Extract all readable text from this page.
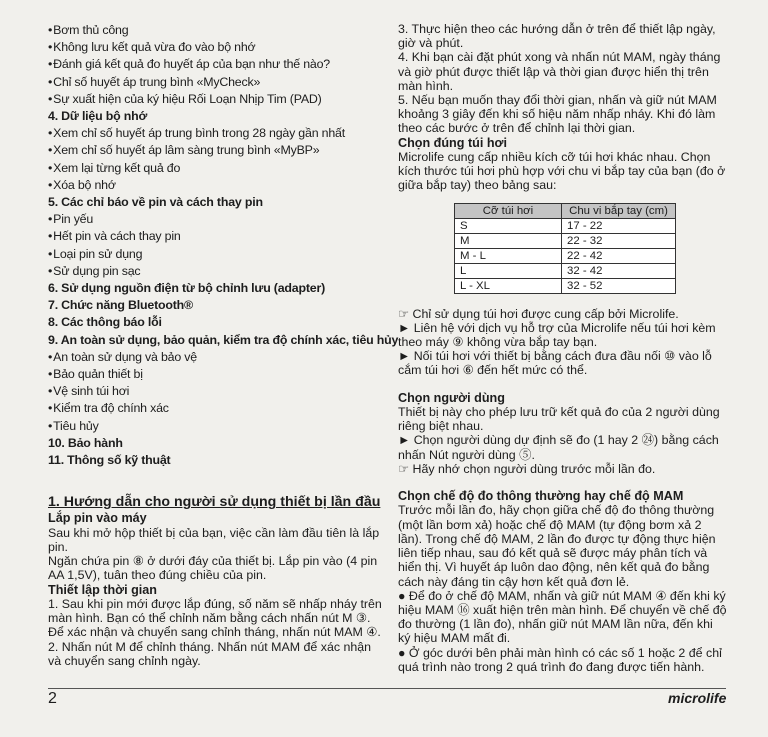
•Bơm thủ công
•Không lưu kết quả vừa đo vào bộ nhớ
•Đánh giá kết quả đo huyết áp của bạn như thế nào?
•Chỉ số huyết áp trung bình «MyCheck»
•Sự xuất hiện của ký hiệu Rối Loạn Nhịp Tim (PAD)
4. Dữ liệu bộ nhớ
•Xem chỉ số huyết áp trung bình trong 28 ngày gần nhất
•Xem chỉ số huyết áp lâm sàng trung bình «MyBP»
•Xem lại từng kết quả đo
•Xóa bộ nhớ
5. Các chỉ báo về pin và cách thay pin
•Pin yếu
•Hết pin và cách thay pin
•Loại pin sử dụng
•Sử dụng pin sạc
6. Sử dụng nguồn điện từ bộ chỉnh lưu (adapter)
7. Chức năng Bluetooth®
8. Các thông báo lỗi
9. An toàn sử dụng, bảo quản, kiểm tra độ chính xác, tiêu hủy
•An toàn sử dụng và bảo vệ
•Bảo quản thiết bị
•Vệ sinh túi hơi
•Kiểm tra độ chính xác
•Tiêu hủy
10. Bảo hành
11. Thông số kỹ thuật

1. Hướng dẫn cho người sử dụng thiết bị lần đầu

Lắp pin vào máy

Sau khi mở hộp thiết bị của bạn, việc cần làm đầu tiên là lắp pin.

Ngăn chứa pin ⑧ ở dưới đáy của thiết bị. Lắp pin vào (4 pin AA 1,5V), tuân theo đúng chiều của pin.

Thiết lập thời gian

1. Sau khi pin mới được lắp đúng, số năm sẽ nhấp nháy trên màn hình. Bạn có thể chỉnh năm bằng cách nhấn nút M ③. Để xác nhận và chuyển sang chỉnh tháng, nhấn nút MAM ④.

2. Nhấn nút M để chỉnh tháng. Nhấn nút MAM để xác nhận và chuyển sang chỉnh ngày.

3. Thực hiện theo các hướng dẫn ở trên để thiết lập ngày, giờ và phút.

4. Khi bạn cài đặt phút xong và nhấn nút MAM, ngày tháng và giờ phút được thiết lập và thời gian được hiển thị trên màn hình.

5. Nếu bạn muốn thay đổi thời gian, nhấn và giữ nút MAM khoảng 3 giây đến khi số hiệu năm nhấp nháy. Khi đó làm theo các bước ở trên để chỉnh lại thời gian.

Chọn đúng túi hơi

Microlife cung cấp nhiều kích cỡ túi hơi khác nhau. Chọn kích thước túi hơi phù hợp với chu vi bắp tay của bạn (đo ở giữa bắp tay) theo bảng sau:

Cỡ túi hơi	Chu vi bắp tay (cm)
S	17 - 22
M	22 - 32
M - L	22 - 42
L	32 - 42
L - XL	32 - 52

☞ Chỉ sử dụng túi hơi được cung cấp bởi Microlife.

► Liên hệ với dịch vụ hỗ trợ của Microlife nếu túi hơi kèm theo máy ⑨ không vừa bắp tay bạn.

► Nối túi hơi với thiết bị bằng cách đưa đầu nối ⑩ vào lỗ cắm túi hơi ⑥ đến hết mức có thể.

Chọn người dùng

Thiết bị này cho phép lưu trữ kết quả đo của 2 người dùng riêng biệt nhau.

► Chọn người dùng dự định sẽ đo (1 hay 2 ㉔) bằng cách nhấn Nút người dùng ⑤.

☞ Hãy nhớ chọn người dùng trước mỗi lần đo.

Chọn chế độ đo thông thường hay chế độ MAM

Trước mỗi lần đo, hãy chọn giữa chế độ đo thông thường (một lần bơm xả) hoặc chế độ MAM (tự động bơm xả 2 lần). Trong chế độ MAM, 2 lần đo được tự động thực hiện liên tiếp nhau, sau đó kết quả sẽ được máy phân tích và hiển thị. Vì huyết áp luôn dao động, nên kết quả đo bằng cách này đáng tin cậy hơn kết quả đơn lẻ.

● Để đo ở chế độ MAM, nhấn và giữ nút MAM ④ đến khi ký hiệu MAM ⑯ xuất hiện trên màn hình. Để chuyển về chế độ đo thường (1 lần đo), nhấn giữ nút MAM lần nữa, đến khi ký hiệu MAM mất đi.

● Ở góc dưới bên phải màn hình có các số 1 hoặc 2 để chỉ quá trình nào trong 2 quá trình đo đang được tiến hành.

2	microlife
